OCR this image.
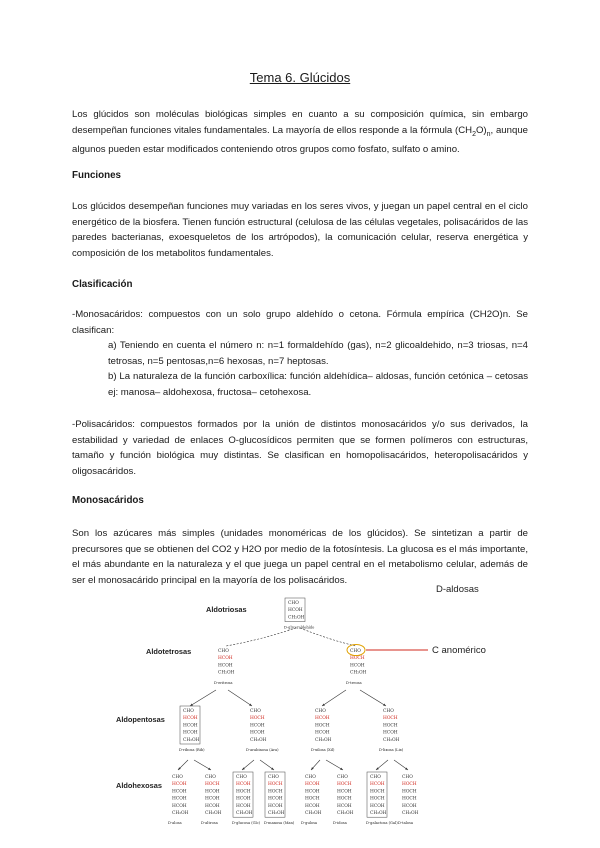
Tema 6. Glúcidos

Los glúcidos son moléculas biológicas simples en cuanto a su composición química, sin embargo desempeñan funciones vitales fundamentales. La mayoría de ellos responde a la fórmula $(CH_2O)_n$, aunque algunos pueden estar modificados conteniendo otros grupos como fosfato, sulfato o amino.

Funciones

Los glúcidos desempeñan funciones muy variadas en los seres vivos, y juegan un papel central en el ciclo energético de la biosfera. Tienen función estructural (celulosa de las células vegetales, polisacáridos de las paredes bacterianas, exoesqueletos de los artrópodos), la comunicación celular, reserva energética y composición de los metabolitos fundamentales.

Clasificación

-Monosacáridos: compuestos con un solo grupo aldehído o cetona. Fórmula empírica (CH2O)n. Se clasifican:
a) Teniendo en cuenta el número n: n=1 formaldehído (gas), n=2 glicoaldehido, n=3 triosas, n=4 tetrosas, n=5 pentosas,n=6 hexosas, n=7 heptosas.
b) La naturaleza de la función carboxílica: función aldehídica– aldosas, función cetónica – cetosas ej: manosa– aldohexosa, fructosa– cetohexosa.

-Polisacáridos: compuestos formados por la unión de distintos monosacáridos y/o sus derivados, la estabilidad y variedad de enlaces O-glucosídicos permiten que se formen polímeros con estructuras, tamaño y función biológica muy distintas. Se clasifican en homopolisacáridos, heteropolisacáridos y oligosacáridos.

Monosacáridos

Son los azúcares más simples (unidades monoméricas de los glúcidos). Se sintetizan a partir de precursores que se obtienen del CO2 y H2O por medio de la fotosíntesis. La glucosa es el más importante, el más abundante en la naturaleza y el que juega un papel central en el metabolismo celular, además de ser el monosacárido principal en la mayoría de los polisacáridos.

D-aldosas
Aldotriosas
Aldotetrosas
Aldopentosas
Aldohexosas
C anomérico
CHO
HCOH
CH₂OH
D-gliceraldehído
CHO
HCOH
HCOH
CH₂OH
D-eritrosa
CHO
HOCH
HCOH
CH₂OH
D-treosa
CHO
HCOH
HCOH
HCOH
CH₂OH
D-ribosa (Rib)
CHO
HOCH
HCOH
HCOH
CH₂OH
D-arabinosa (Ara)
CHO
HCOH
HOCH
HCOH
CH₂OH
D-xilosa (Xil)
CHO
HOCH
HOCH
HCOH
CH₂OH
D-lixosa (Lix)
CHO
HCOH
HCOH
HCOH
HCOH
CH₂OH
D-alosa
CHO
HOCH
HCOH
HCOH
HCOH
CH₂OH
D-altrosa
CHO
HCOH
HOCH
HCOH
HCOH
CH₂OH
D-glucosa (Glc)
CHO
HOCH
HOCH
HCOH
HCOH
CH₂OH
D-manosa (Man)
CHO
HCOH
HCOH
HOCH
HCOH
CH₂OH
D-gulosa
CHO
HOCH
HCOH
HOCH
HCOH
CH₂OH
D-idosa
CHO
HCOH
HOCH
HOCH
HCOH
CH₂OH
D-galactosa (Gal)
CHO
HOCH
HOCH
HOCH
HCOH
CH₂OH
D-talosa
